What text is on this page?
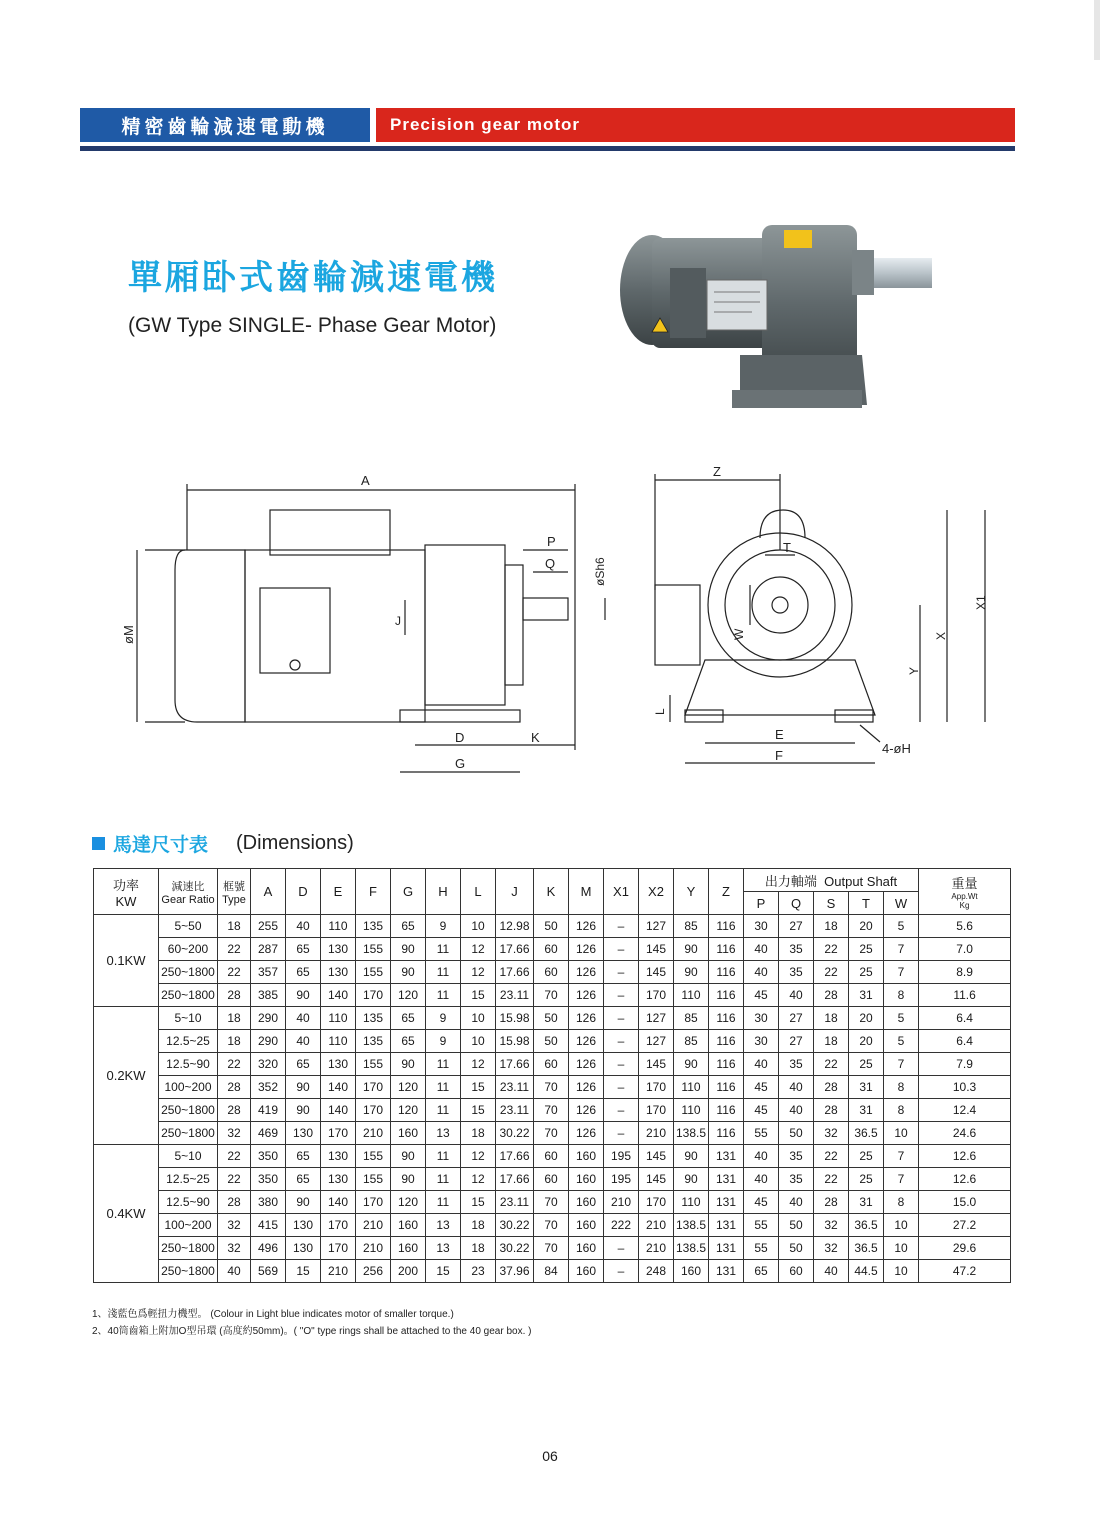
精密齒輪減速電動機	Precision gear motor
單厢卧式齒輪減速電機
(GW Type SINGLE- Phase Gear Motor)
A
øM
P
Q	øSh6
J
D	K
G
Z
T
W
Y
X
X1
L
E
F	4-øH
馬達尺寸表 (Dimensions)
功率
KW	減速比
Gear Ratio	框號
Type	A	D	E	F	G	H	L	J	K	M	X1	X2	Y	Z	出力軸端 Output Shaft					重量
App.Wt
Kg

																	P	Q	S	T	W	
0.1KW	5~50	18	255	40	110	135	65	9	10	12.98	50	126	–	127	85	116	30	27	18	20	5	5.6
	60~200	22	287	65	130	155	90	11	12	17.66	60	126	–	145	90	116	40	35	22	25	7	7.0
	250~1800	22	357	65	130	155	90	11	12	17.66	60	126	–	145	90	116	40	35	22	25	7	8.9
	250~1800	28	385	90	140	170	120	11	15	23.11	70	126	–	170	110	116	45	40	28	31	8	11.6
0.2KW	5~10	18	290	40	110	135	65	9	10	15.98	50	126	–	127	85	116	30	27	18	20	5	6.4
	12.5~25	18	290	40	110	135	65	9	10	15.98	50	126	–	127	85	116	30	27	18	20	5	6.4
	12.5~90	22	320	65	130	155	90	11	12	17.66	60	126	–	145	90	116	40	35	22	25	7	7.9
	100~200	28	352	90	140	170	120	11	15	23.11	70	126	–	170	110	116	45	40	28	31	8	10.3
	250~1800	28	419	90	140	170	120	11	15	23.11	70	126	–	170	110	116	45	40	28	31	8	12.4
	250~1800	32	469	130	170	210	160	13	18	30.22	70	126	–	210	138.5	116	55	50	32	36.5	10	24.6
0.4KW	5~10	22	350	65	130	155	90	11	12	17.66	60	160	195	145	90	131	40	35	22	25	7	12.6
	12.5~25	22	350	65	130	155	90	11	12	17.66	60	160	195	145	90	131	40	35	22	25	7	12.6
	12.5~90	28	380	90	140	170	120	11	15	23.11	70	160	210	170	110	131	45	40	28	31	8	15.0
	100~200	32	415	130	170	210	160	13	18	30.22	70	160	222	210	138.5	131	55	50	32	36.5	10	27.2
	250~1800	32	496	130	170	210	160	13	18	30.22	70	160	–	210	138.5	131	55	50	32	36.5	10	29.6
	250~1800	40	569	15	210	256	200	15	23	37.96	84	160	–	248	160	131	65	60	40	44.5	10	47.2
1、淺藍色爲輕扭力機型。 (Colour in Light blue indicates motor of smaller torque.)
2、40筒齒箱上附加O型吊環 (高度約50mm)。( "O" type rings shall be attached to the 40 gear box. )
06
